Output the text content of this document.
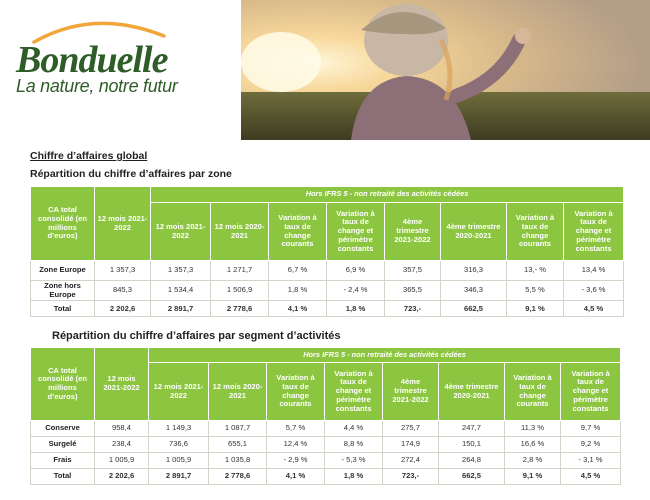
Bonduelle
La nature, notre futur
Chiffre d’affaires global
Répartition du chiffre d’affaires par zone
CA total consolidé (en millions d’euros)	12 mois 2021-2022	Hors IFRS 5 - non retraité des activités cédées							
		12 mois 2021-2022	12 mois 2020-2021	Variation à taux de change courants	Variation à taux de change et périmètre constants	4ème trimestre 2021-2022	4ème trimestre 2020-2021	Variation à taux de change courants	Variation à taux de change et périmètre constants
Zone Europe	1 357,3	1 357,3	1 271,7	6,7 %	6,9 %	357,5	316,3	13,- %	13,4 %
Zone hors Europe	845,3	1 534,4	1 506,9	1,8 %	- 2,4 %	365,5	346,3	5,5 %	- 3,6 %
Total	2 202,6	2 891,7	2 778,6	4,1 %	1,8 %	723,-	662,5	9,1 %	4,5 %
Répartition du chiffre d’affaires par segment d’activités
CA total consolidé (en millions d’euros)	12 mois 2021-2022	Hors IFRS 5 - non retraité des activités cédées							
		12 mois 2021-2022	12 mois 2020-2021	Variation à taux de change courants	Variation à taux de change et périmètre constants	4ème trimestre 2021-2022	4ème trimestre 2020-2021	Variation à taux de change courants	Variation à taux de change et périmètre constants
Conserve	958,4	1 149,3	1 087,7	5,7 %	4,4 %	275,7	247,7	11,3 %	9,7 %
Surgelé	238,4	736,6	655,1	12,4 %	8,8 %	174,9	150,1	16,6 %	9,2 %
Frais	1 005,9	1 005,9	1 035,8	- 2,9 %	- 5,3 %	272,4	264,8	2,8 %	- 3,1 %
Total	2 202,6	2 891,7	2 778,6	4,1 %	1,8 %	723,-	662,5	9,1 %	4,5 %
